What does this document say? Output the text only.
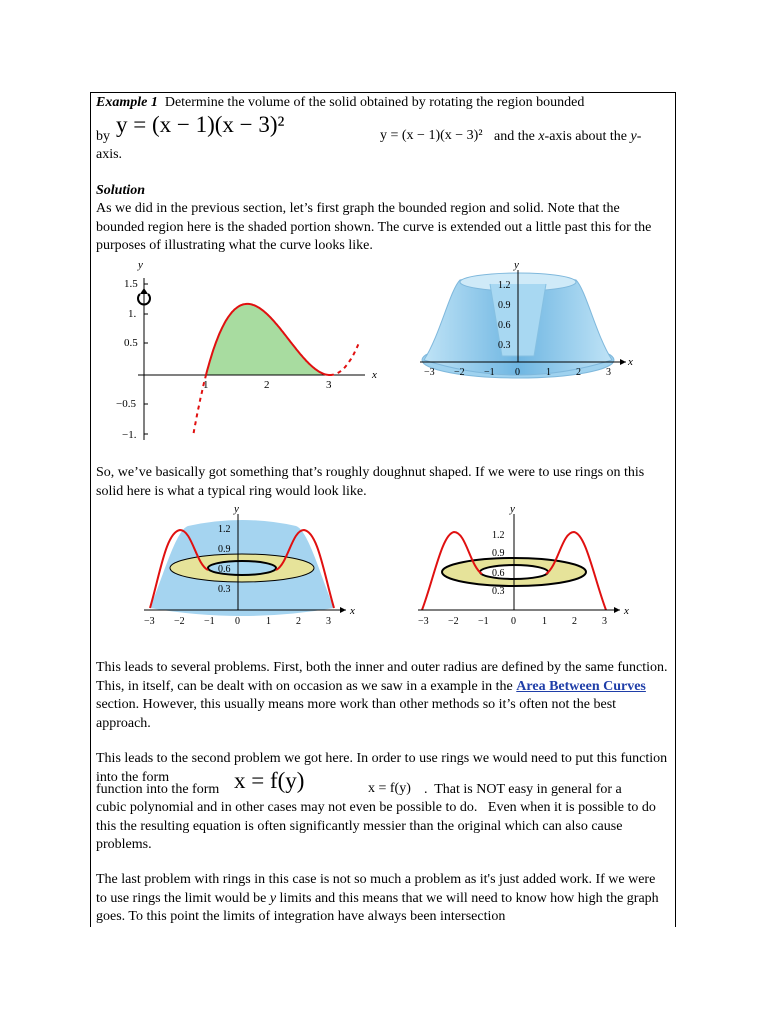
Example 1 Determine the volume of the solid obtained by rotating the region bounded
by y = (x − 1)(x − 3)²	y = (x − 1)(x − 3)² and the x-axis about the y-
axis.
Solution
As we did in the previous section, let’s first graph the bounded region and solid. Note that the bounded region here is the shaded portion shown. The curve is extended out a little past this for the purposes of illustrating what the curve looks like.
y
1.5
1.
0.5
−0.5
−1.
1	2	3
x
y
x
1.2
0.9
0.6
0.3
−3 −2 −1 0	1	2	3
So, we’ve basically got something that’s roughly doughnut shaped. If we were to use rings on this solid here is what a typical ring would look like.
y
x
1.2
0.9
0.6
0.3
−3 −2 −1 0	1	2	3
y
x
1.2
0.9
0.6
0.3
−3 −2 −1 0	1	2	3
This leads to several problems. First, both the inner and outer radius are defined by the same function. This, in itself, can be dealt with on occasion as we saw in a example in the Area Between Curves section. However, this usually means more work than other methods so it’s often not the best approach.
This leads to the second problem we got here. In order to use rings we would need to put this function into the form	x = f(y)	x = f(y)
function into the form	.  That is NOT easy in general for a
cubic polynomial and in other cases may not even be possible to do.   Even when it is possible to do this the resulting equation is often significantly messier than the original which can also cause problems.
The last problem with rings in this case is not so much a problem as it's just added work. If we were to use rings the limit would be y limits and this means that we will need to know how high the graph goes. To this point the limits of integration have always been intersection
